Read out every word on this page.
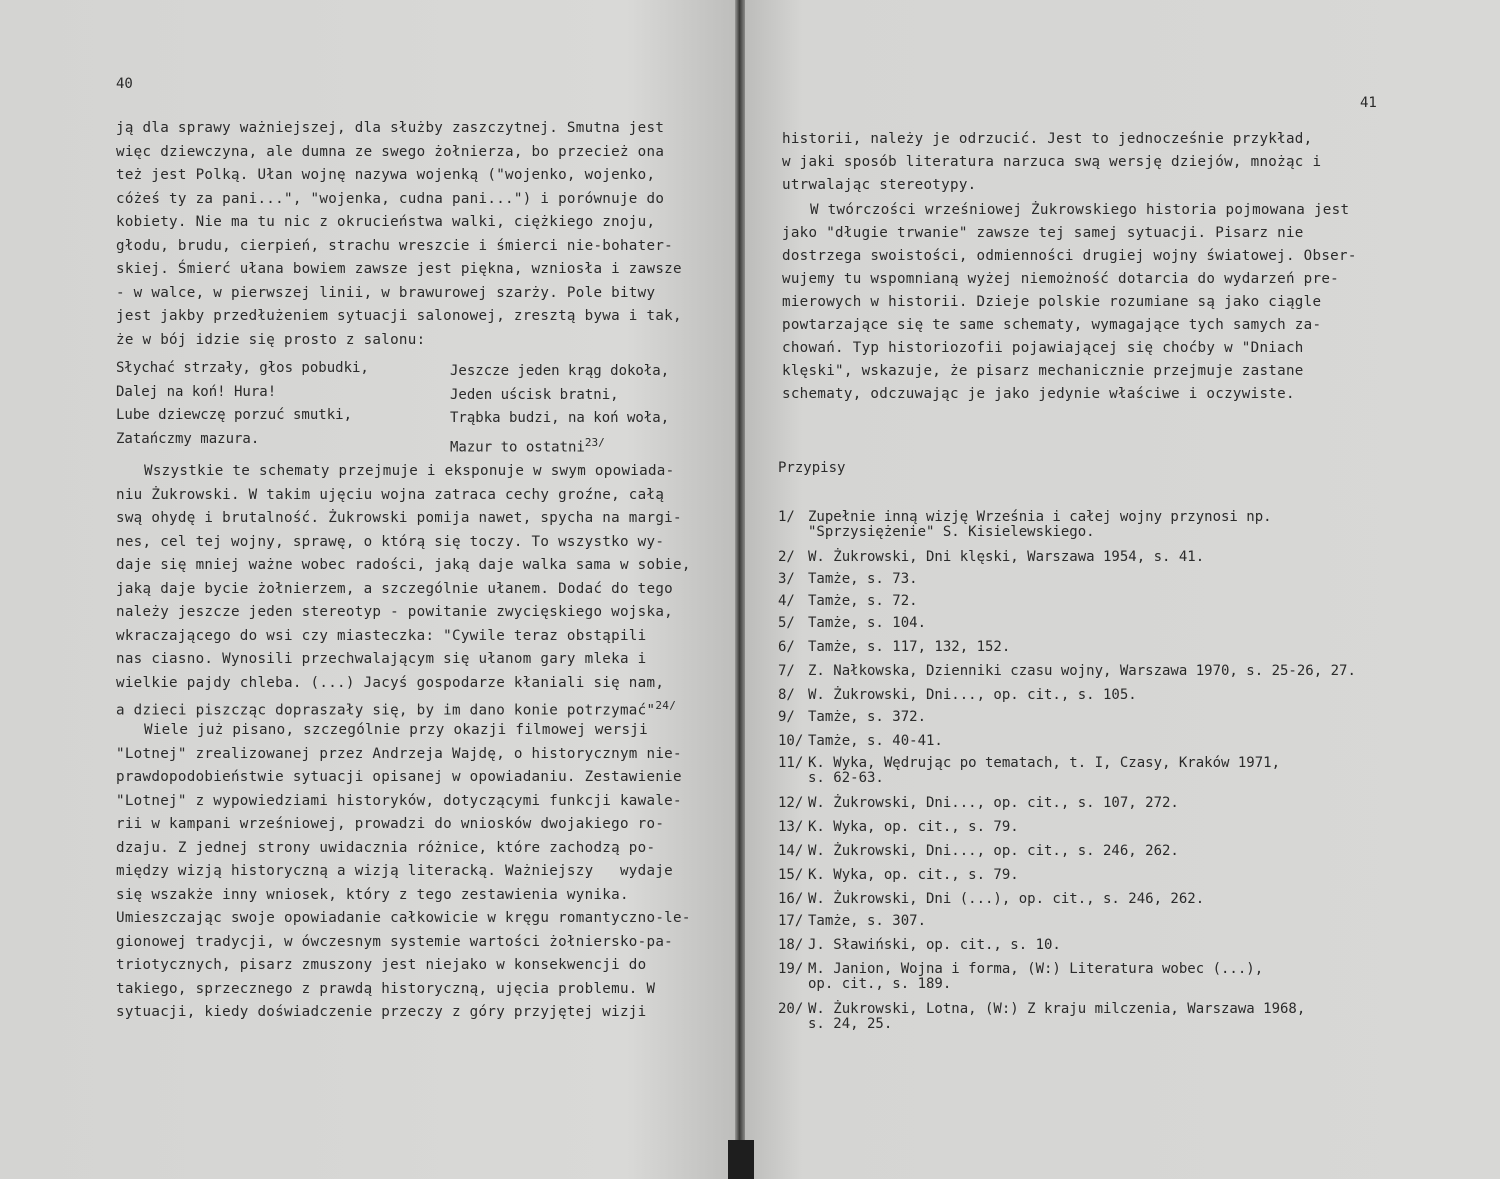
40
ją dla sprawy ważniejszej, dla służby zaszczytnej. Smutna jest
więc dziewczyna, ale dumna ze swego żołnierza, bo przecież ona
też jest Polką. Ułan wojnę nazywa wojenką ("wojenko, wojenko,
cóżeś ty za pani...", "wojenka, cudna pani...") i porównuje do
kobiety. Nie ma tu nic z okrucieństwa walki, ciężkiego znoju,
głodu, brudu, cierpień, strachu wreszcie i śmierci nie-bohater-
skiej. Śmierć ułana bowiem zawsze jest piękna, wzniosła i zawsze
- w walce, w pierwszej linii, w brawurowej szarży. Pole bitwy
jest jakby przedłużeniem sytuacji salonowej, zresztą bywa i tak,
że w bój idzie się prosto z salonu:
Słychać strzały, głos pobudki,
Dalej na koń! Hura!
Lube dziewczę porzuć smutki,
Zatańczmy mazura.
Jeszcze jeden krąg dokoła,
Jeden uścisk bratni,
Trąbka budzi, na koń woła,
Mazur to ostatni$^{23/}$
Wszystkie te schematy przejmuje i eksponuje w swym opowiada-
niu Żukrowski. W takim ujęciu wojna zatraca cechy groźne, całą
swą ohydę i brutalność. Żukrowski pomija nawet, spycha na margi-
nes, cel tej wojny, sprawę, o którą się toczy. To wszystko wy-
daje się mniej ważne wobec radości, jaką daje walka sama w sobie,
jaką daje bycie żołnierzem, a szczególnie ułanem. Dodać do tego
należy jeszcze jeden stereotyp - powitanie zwycięskiego wojska,
wkraczającego do wsi czy miasteczka: "Cywile teraz obstąpili
nas ciasno. Wynosili przechwalającym się ułanom gary mleka i
wielkie pajdy chleba. (...) Jacyś gospodarze kłaniali się nam,
a dzieci piszcząc dopraszały się, by im dano konie potrzymać"$^{24/}$
Wiele już pisano, szczególnie przy okazji filmowej wersji
"Lotnej" zrealizowanej przez Andrzeja Wajdę, o historycznym nie-
prawdopodobieństwie sytuacji opisanej w opowiadaniu. Zestawienie
"Lotnej" z wypowiedziami historyków, dotyczącymi funkcji kawale-
rii w kampani wrześniowej, prowadzi do wniosków dwojakiego ro-
dzaju. Z jednej strony uwidacznia różnice, które zachodzą po-
między wizją historyczną a wizją literacką. Ważniejszy   wydaje
się wszakże inny wniosek, który z tego zestawienia wynika.
Umieszczając swoje opowiadanie całkowicie w kręgu romantyczno-le-
gionowej tradycji, w ówczesnym systemie wartości żołniersko-pa-
triotycznych, pisarz zmuszony jest niejako w konsekwencji do
takiego, sprzecznego z prawdą historyczną, ujęcia problemu. W
sytuacji, kiedy doświadczenie przeczy z góry przyjętej wizji
41
Przypisy
historii, należy je odrzucić. Jest to jednocześnie przykład,
w jaki sposób literatura narzuca swą wersję dziejów, mnożąc i
utrwalając stereotypy.
W twórczości wrześniowej Żukrowskiego historia pojmowana jest
jako "długie trwanie" zawsze tej samej sytuacji. Pisarz nie
dostrzega swoistości, odmienności drugiej wojny światowej. Obser-
wujemy tu wspomnianą wyżej niemożność dotarcia do wydarzeń pre-
mierowych w historii. Dzieje polskie rozumiane są jako ciągle
powtarzające się te same schematy, wymagające tych samych za-
chowań. Typ historiozofii pojawiającej się choćby w "Dniach
klęski", wskazuje, że pisarz mechanicznie przejmuje zastane
schematy, odczuwając je jako jedynie właściwe i oczywiste.
1/ Zupełnie inną wizję Września i całej wojny przynosi np.
"Sprzysiężenie" S. Kisielewskiego.
2/ W. Żukrowski, Dni klęski, Warszawa 1954, s. 41.
3/ Tamże, s. 73.
4/ Tamże, s. 72.
5/ Tamże, s. 104.
6/ Tamże, s. 117, 132, 152.
7/ Z. Nałkowska, Dzienniki czasu wojny, Warszawa 1970, s. 25-26, 27.
8/ W. Żukrowski, Dni..., op. cit., s. 105.
9/ Tamże, s. 372.
10/ Tamże, s. 40-41.
11/ K. Wyka, Wędrując po tematach, t. I, Czasy, Kraków 1971,
s. 62-63.
12/ W. Żukrowski, Dni..., op. cit., s. 107, 272.
13/ K. Wyka, op. cit., s. 79.
14/ W. Żukrowski, Dni..., op. cit., s. 246, 262.
15/ K. Wyka, op. cit., s. 79.
16/ W. Żukrowski, Dni (...), op. cit., s. 246, 262.
17/ Tamże, s. 307.
18/ J. Sławiński, op. cit., s. 10.
19/ M. Janion, Wojna i forma, (W:) Literatura wobec (...),
op. cit., s. 189.
20/ W. Żukrowski, Lotna, (W:) Z kraju milczenia, Warszawa 1968,
s. 24, 25.
